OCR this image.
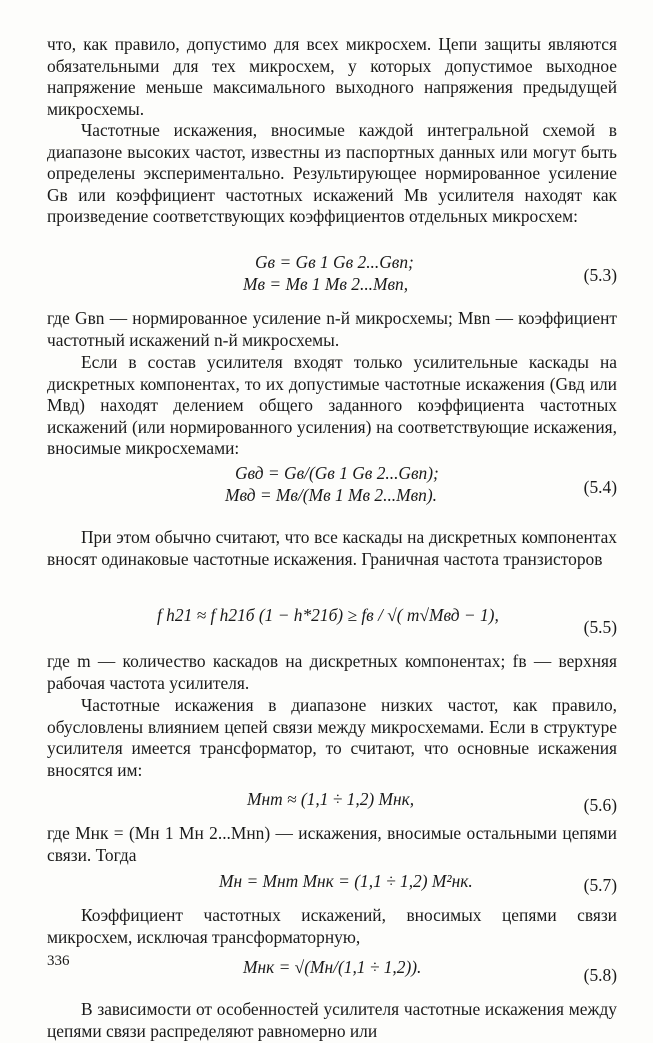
что, как правило, допустимо для всех микросхем. Цепи защиты являются обязательными для тех микросхем, у которых допустимое выходное напряжение меньше максимального выходного напряжения предыдущей микросхемы.

Частотные искажения, вносимые каждой интегральной схемой в диапазоне высоких частот, известны из паспортных данных или могут быть определены экспериментально. Результирующее нормированное усиление Gв или коэффициент частотных искажений Mв усилителя находят как произведение соответствующих коэффициентов отдельных микросхем:

Gв = Gв 1 Gв 2...Gвn;
Mв = Mв 1 Mв 2...Mвn,	(5.3)

где Gвn — нормированное усиление n-й микросхемы; Mвn — коэффициент частотный искажений n-й микросхемы.

Если в состав усилителя входят только усилительные каскады на дискретных компонентах, то их допустимые частотные искажения (Gвд или Mвд) находят делением общего заданного коэффициента частотных искажений (или нормированного усиления) на соответствующие искажения, вносимые микросхемами:

Gвд = Gв/(Gв 1 Gв 2...Gвn);
Mвд = Mв/(Mв 1 Mв 2...Mвn).	(5.4)

При этом обычно считают, что все каскады на дискретных компонентах вносят одинаковые частотные искажения. Граничная частота транзисторов

f h21 ≈ f h21б (1 − h*21б) ≥ fв / √( m√Mвд − 1),
(5.5)

где m — количество каскадов на дискретных компонентах; fв — верхняя рабочая частота усилителя.

Частотные искажения в диапазоне низких частот, как правило, обусловлены влиянием цепей связи между микросхемами. Если в структуре усилителя имеется трансформатор, то считают, что основные искажения вносятся им:

Mнт ≈ (1,1 ÷ 1,2) Mнк,	(5.6)

где Mнк = (Mн 1 Mн 2...Mнn) — искажения, вносимые остальными цепями связи. Тогда

Mн = Mнт Mнк = (1,1 ÷ 1,2) M²нк.	(5.7)

Коэффициент частотных искажений, вносимых цепями связи микросхем, исключая трансформаторную,

Mнк = √(Mн/(1,1 ÷ 1,2)).	(5.8)

В зависимости от особенностей усилителя частотные искажения между цепями связи распределяют равномерно или

336
